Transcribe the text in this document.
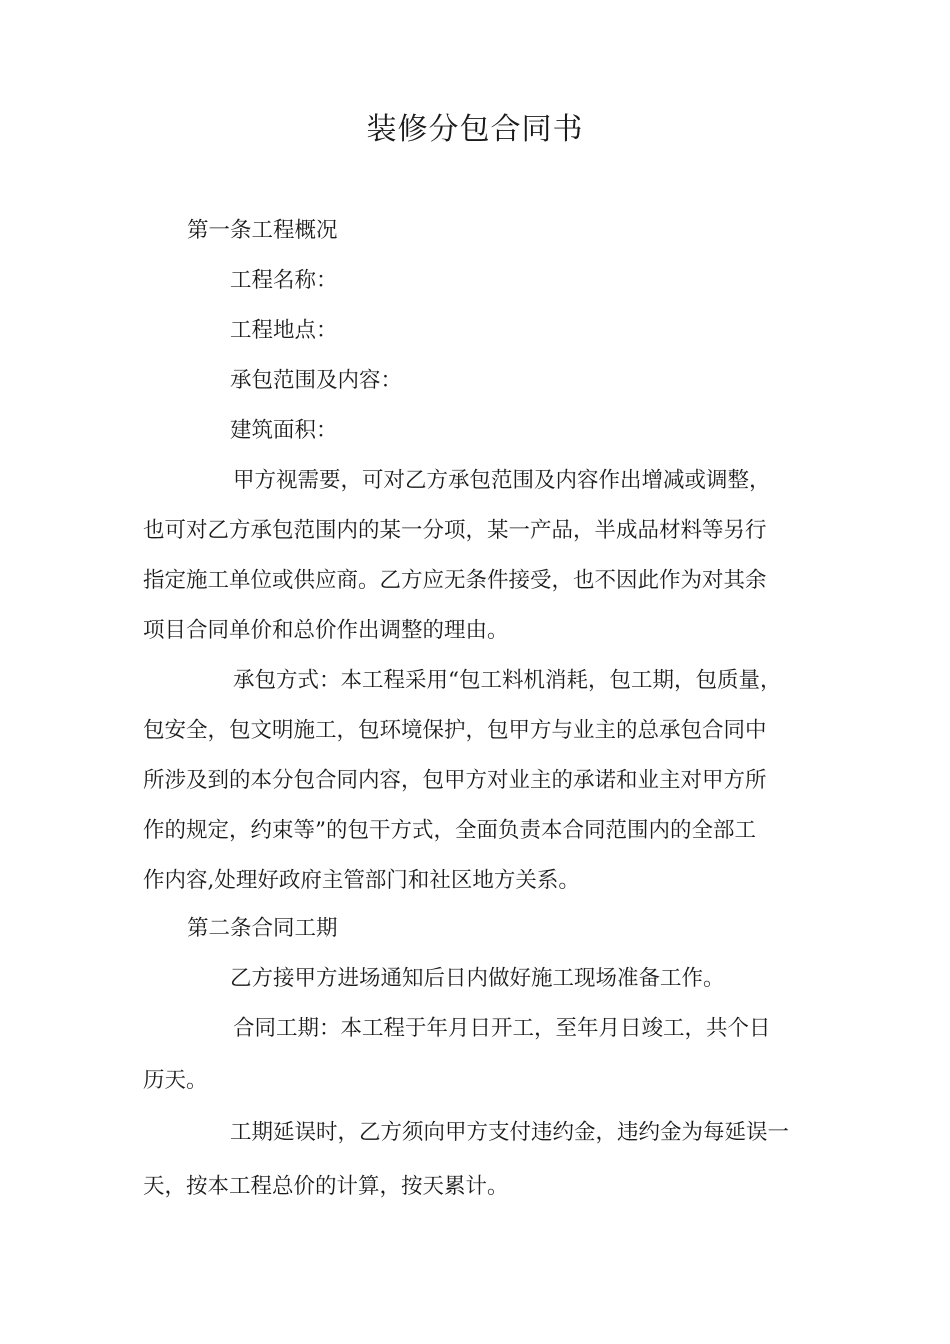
装修分包合同书
第一条工程概况
工程名称：
工程地点：
承包范围及内容：
建筑面积：
甲方视需要，可对乙方承包范围及内容作出增减或调整，
也可对乙方承包范围内的某一分项，某一产品，半成品材料等另行
指定施工单位或供应商。乙方应无条件接受，也不因此作为对其余
项目合同单价和总价作出调整的理由。
承包方式：本工程采用“包工料机消耗，包工期，包质量，
包安全，包文明施工，包环境保护，包甲方与业主的总承包合同中
所涉及到的本分包合同内容，包甲方对业主的承诺和业主对甲方所
作的规定，约束等”的包干方式，全面负责本合同范围内的全部工
作内容,处理好政府主管部门和社区地方关系。
第二条合同工期
乙方接甲方进场通知后日内做好施工现场准备工作。
合同工期：本工程于年月日开工，至年月日竣工，共个日
历天。
工期延误时，乙方须向甲方支付违约金，违约金为每延误一
天，按本工程总价的计算，按天累计。
